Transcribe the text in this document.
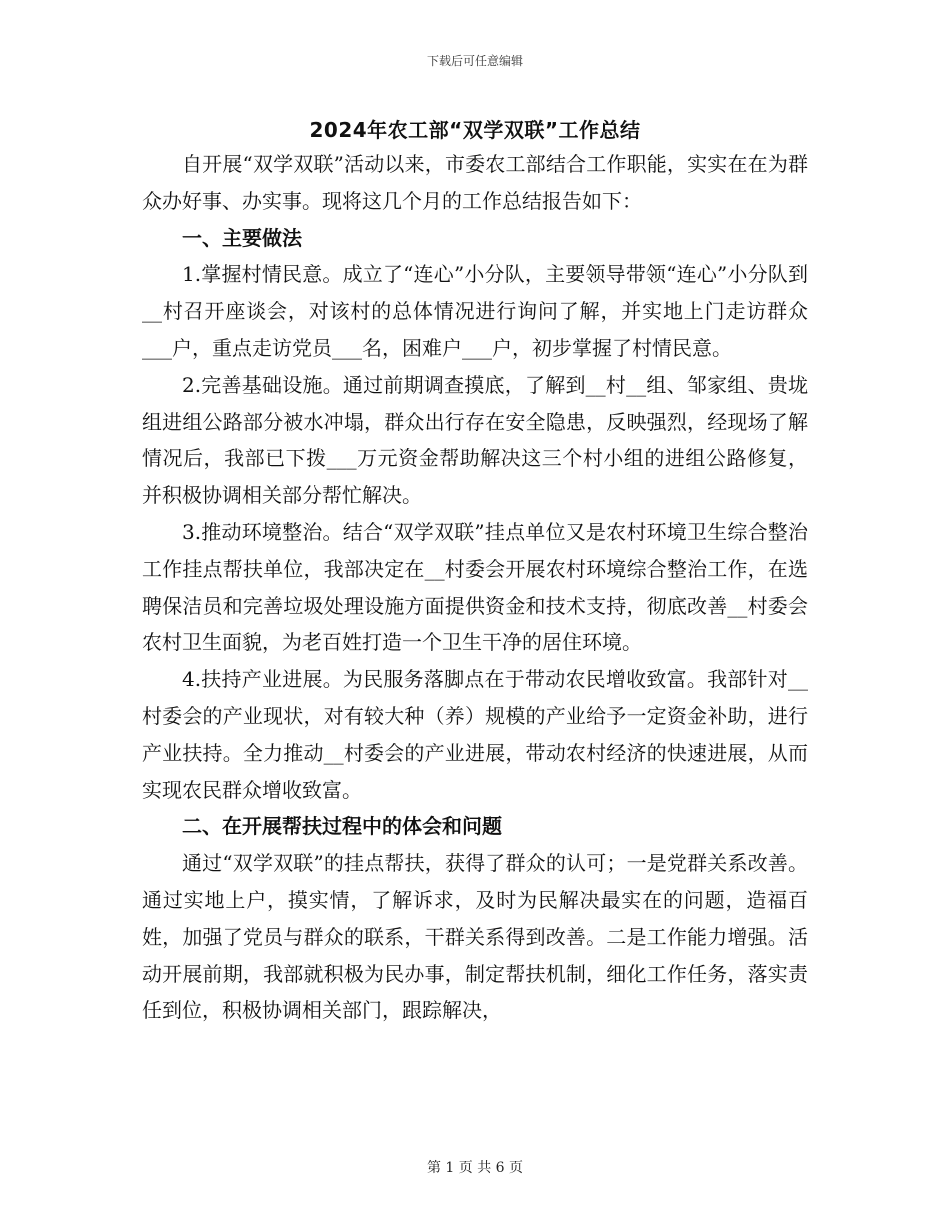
下载后可任意编辑
2024年农工部“双学双联”工作总结

自开展“双学双联”活动以来，市委农工部结合工作职能，实实在在为群众办好事、办实事。现将这几个月的工作总结报告如下：

一、主要做法

1.掌握村情民意。成立了“连心”小分队，主要领导带领“连心”小分队到__村召开座谈会，对该村的总体情况进行询问了解，并实地上门走访群众___户，重点走访党员___名，困难户___户，初步掌握了村情民意。

2.完善基础设施。通过前期调查摸底，了解到__村__组、邹家组、贵垅组进组公路部分被水冲塌，群众出行存在安全隐患，反映强烈，经现场了解情况后，我部已下拨___万元资金帮助解决这三个村小组的进组公路修复，并积极协调相关部分帮忙解决。

3.推动环境整治。结合“双学双联”挂点单位又是农村环境卫生综合整治工作挂点帮扶单位，我部决定在__村委会开展农村环境综合整治工作，在选聘保洁员和完善垃圾处理设施方面提供资金和技术支持，彻底改善__村委会农村卫生面貌，为老百姓打造一个卫生干净的居住环境。

4.扶持产业进展。为民服务落脚点在于带动农民增收致富。我部针对__村委会的产业现状，对有较大种（养）规模的产业给予一定资金补助，进行产业扶持。全力推动__村委会的产业进展，带动农村经济的快速进展，从而实现农民群众增收致富。

二、在开展帮扶过程中的体会和问题

通过“双学双联”的挂点帮扶，获得了群众的认可；一是党群关系改善。通过实地上户，摸实情，了解诉求，及时为民解决最实在的问题，造福百姓，加强了党员与群众的联系，干群关系得到改善。二是工作能力增强。活动开展前期，我部就积极为民办事，制定帮扶机制，细化工作任务，落实责任到位，积极协调相关部门，跟踪解决，

第 1 页 共 6 页
